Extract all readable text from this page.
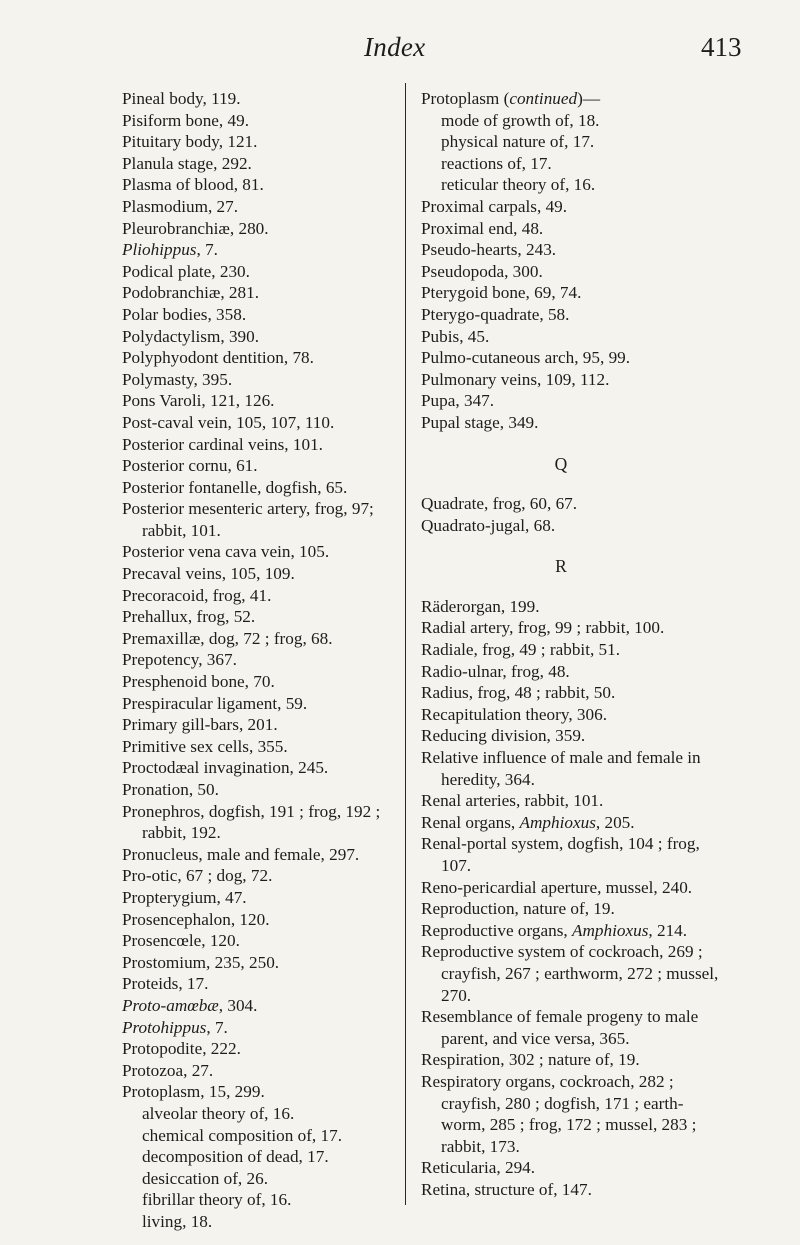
Index	413
Pineal body, 119.
Pisiform bone, 49.
Pituitary body, 121.
Planula stage, 292.
Plasma of blood, 81.
Plasmodium, 27.
Pleurobranchiæ, 280.
Pliohippus, 7.
Podical plate, 230.
Podobranchiæ, 281.
Polar bodies, 358.
Polydactylism, 390.
Polyphyodont dentition, 78.
Polymasty, 395.
Pons Varoli, 121, 126.
Post-caval vein, 105, 107, 110.
Posterior cardinal veins, 101.
Posterior cornu, 61.
Posterior fontanelle, dogfish, 65.
Posterior mesenteric artery, frog, 97; rabbit, 101.
Posterior vena cava vein, 105.
Precaval veins, 105, 109.
Precoracoid, frog, 41.
Prehallux, frog, 52.
Premaxillæ, dog, 72 ; frog, 68.
Prepotency, 367.
Presphenoid bone, 70.
Prespiracular ligament, 59.
Primary gill-bars, 201.
Primitive sex cells, 355.
Proctodæal invagination, 245.
Pronation, 50.
Pronephros, dogfish, 191 ; frog, 192 ; rabbit, 192.
Pronucleus, male and female, 297.
Pro-otic, 67 ; dog, 72.
Propterygium, 47.
Prosencephalon, 120.
Prosencœle, 120.
Prostomium, 235, 250.
Proteids, 17.
Proto-amœbæ, 304.
Protohippus, 7.
Protopodite, 222.
Protozoa, 27.
Protoplasm, 15, 299.
alveolar theory of, 16.
chemical composition of, 17.
decomposition of dead, 17.
desiccation of, 26.
fibrillar theory of, 16.
living, 18.
Protoplasm (continued)—
mode of growth of, 18.
physical nature of, 17.
reactions of, 17.
reticular theory of, 16.
Proximal carpals, 49.
Proximal end, 48.
Pseudo-hearts, 243.
Pseudopoda, 300.
Pterygoid bone, 69, 74.
Pterygo-quadrate, 58.
Pubis, 45.
Pulmo-cutaneous arch, 95, 99.
Pulmonary veins, 109, 112.
Pupa, 347.
Pupal stage, 349.
Q
Quadrate, frog, 60, 67.
Quadrato-jugal, 68.
R
Räderorgan, 199.
Radial artery, frog, 99 ; rabbit, 100.
Radiale, frog, 49 ; rabbit, 51.
Radio-ulnar, frog, 48.
Radius, frog, 48 ; rabbit, 50.
Recapitulation theory, 306.
Reducing division, 359.
Relative influence of male and female in heredity, 364.
Renal arteries, rabbit, 101.
Renal organs, Amphioxus, 205.
Renal-portal system, dogfish, 104 ; frog, 107.
Reno-pericardial aperture, mussel, 240.
Reproduction, nature of, 19.
Reproductive organs, Amphioxus, 214.
Reproductive system of cockroach, 269 ; crayfish, 267 ; earthworm, 272 ; mussel, 270.
Resemblance of female progeny to male parent, and vice versa, 365.
Respiration, 302 ; nature of, 19.
Respiratory organs, cockroach, 282 ; crayfish, 280 ; dogfish, 171 ; earth-worm, 285 ; frog, 172 ; mussel, 283 ; rabbit, 173.
Reticularia, 294.
Retina, structure of, 147.
